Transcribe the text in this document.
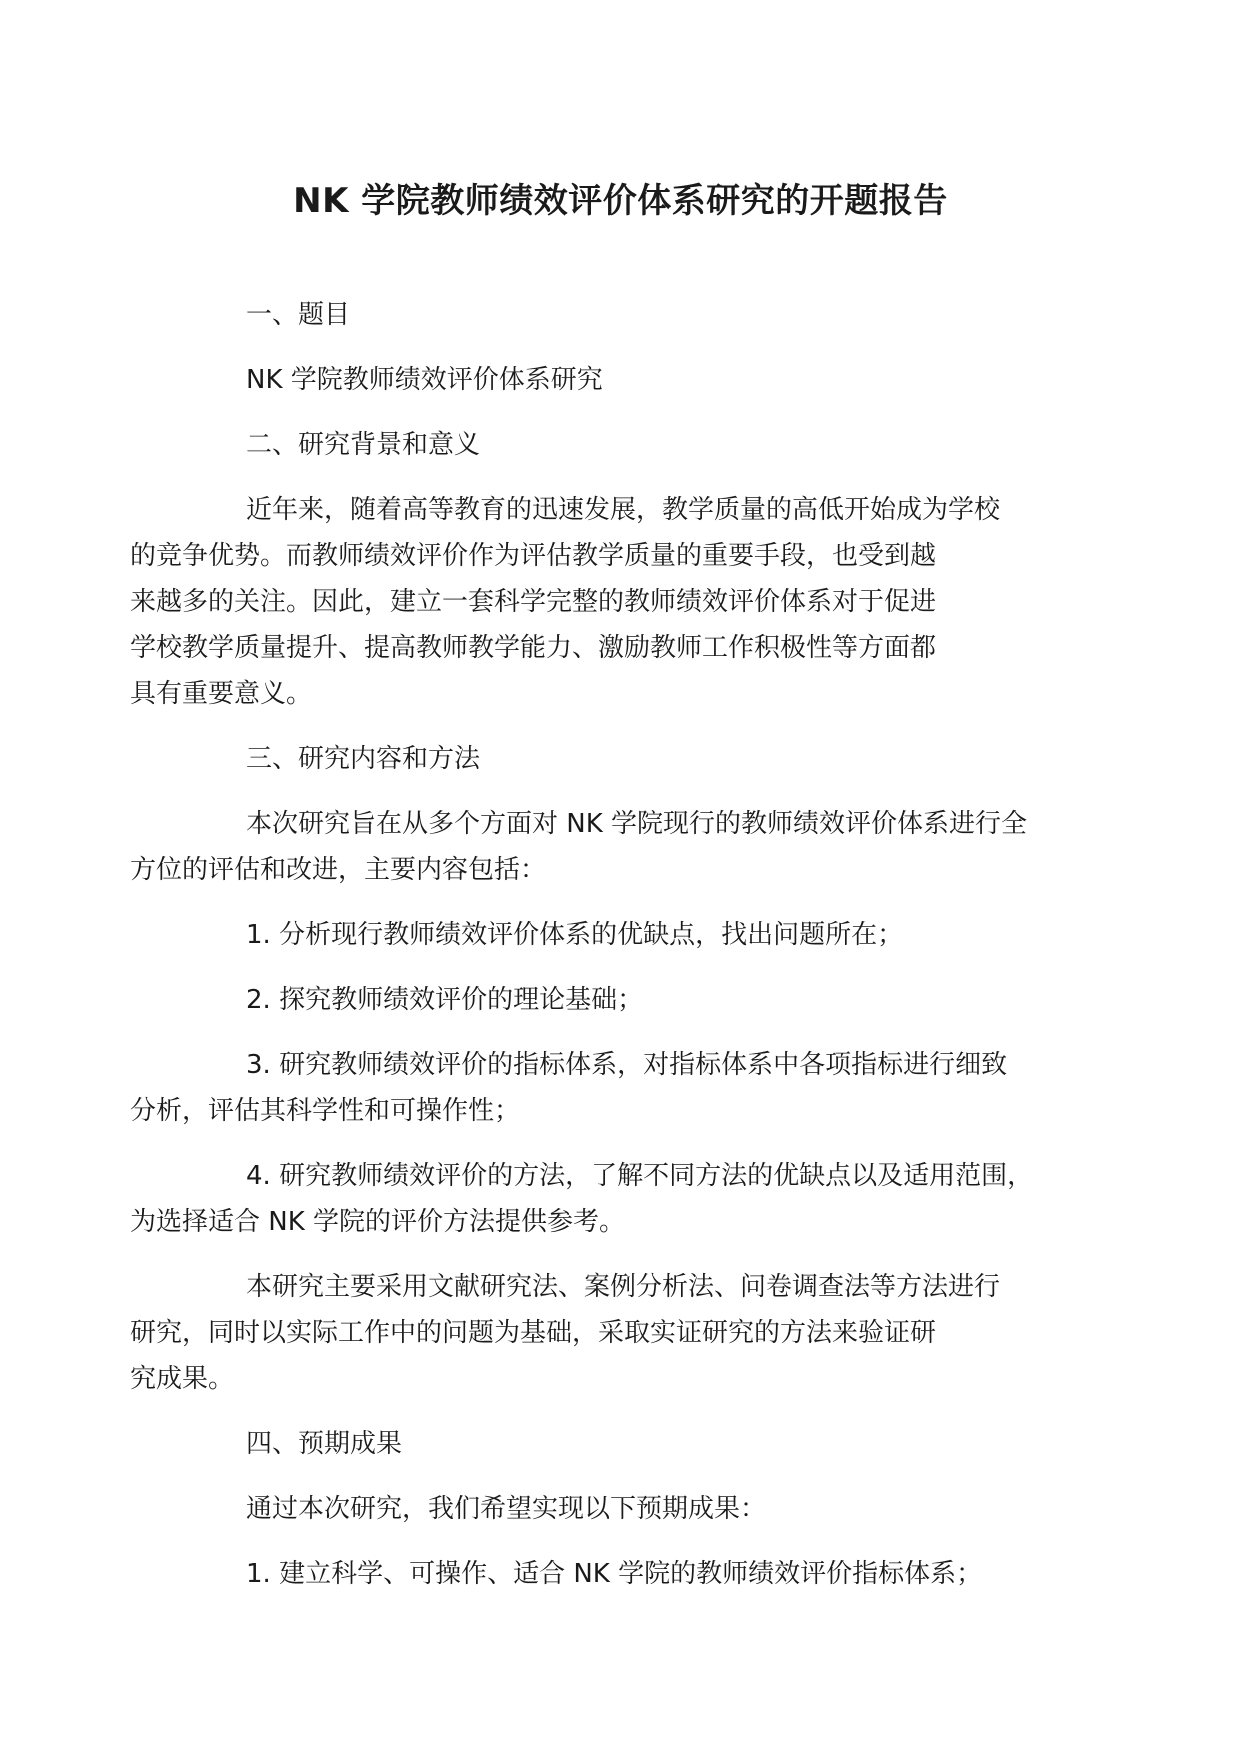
NK 学院教师绩效评价体系研究的开题报告
一、题目
NK 学院教师绩效评价体系研究
二、研究背景和意义
近年来，随着高等教育的迅速发展，教学质量的高低开始成为学校
的竞争优势。而教师绩效评价作为评估教学质量的重要手段，也受到越
来越多的关注。因此，建立一套科学完整的教师绩效评价体系对于促进
学校教学质量提升、提高教师教学能力、激励教师工作积极性等方面都
具有重要意义。
三、研究内容和方法
本次研究旨在从多个方面对 NK 学院现行的教师绩效评价体系进行全
方位的评估和改进，主要内容包括：
1. 分析现行教师绩效评价体系的优缺点，找出问题所在；
2. 探究教师绩效评价的理论基础；
3. 研究教师绩效评价的指标体系，对指标体系中各项指标进行细致
分析，评估其科学性和可操作性；
4. 研究教师绩效评价的方法，了解不同方法的优缺点以及适用范围，
为选择适合 NK 学院的评价方法提供参考。
本研究主要采用文献研究法、案例分析法、问卷调查法等方法进行
研究，同时以实际工作中的问题为基础，采取实证研究的方法来验证研
究成果。
四、预期成果
通过本次研究，我们希望实现以下预期成果：
1. 建立科学、可操作、适合 NK 学院的教师绩效评价指标体系；
